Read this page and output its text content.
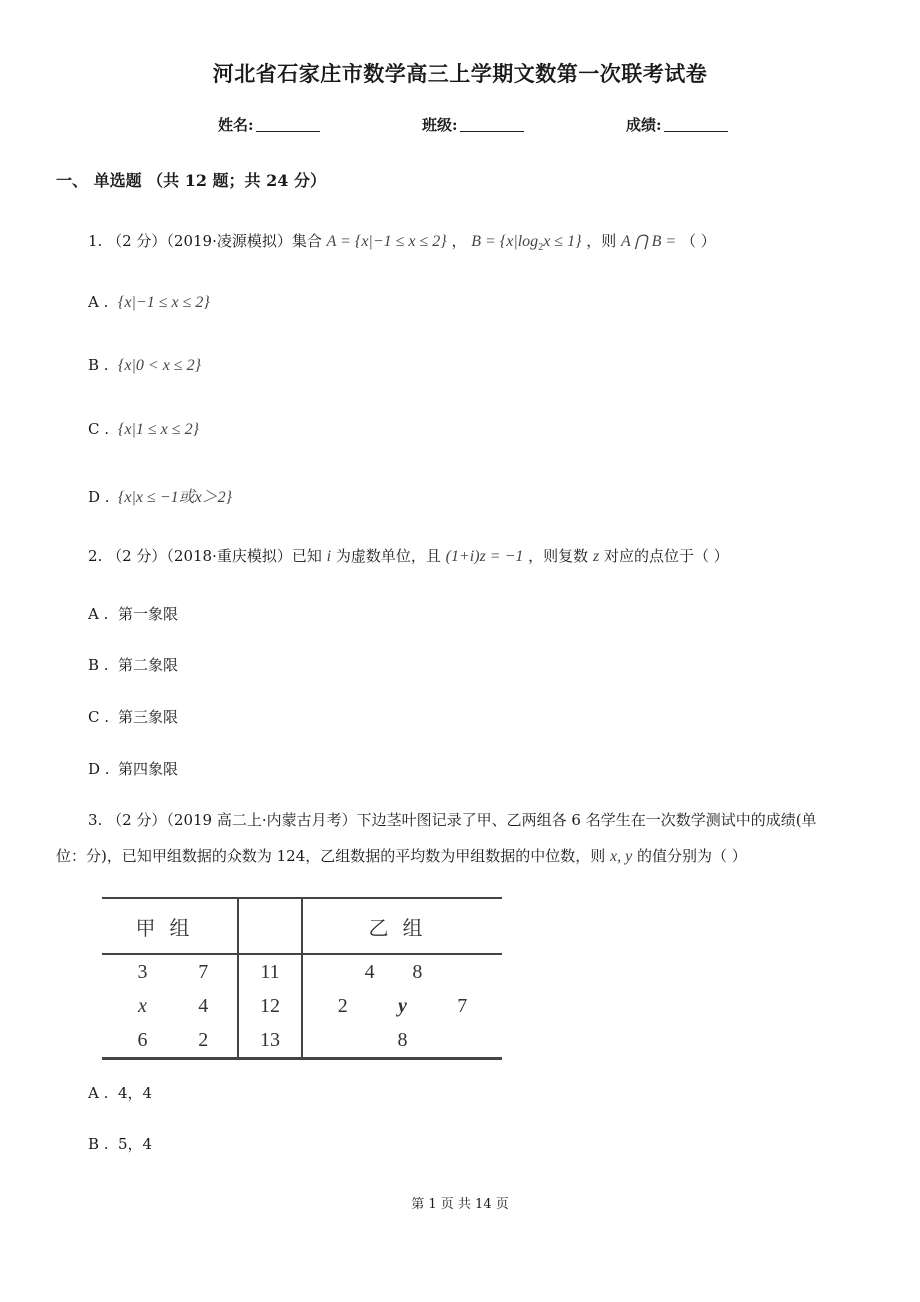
河北省石家庄市数学高三上学期文数第一次联考试卷
姓名:	班级:	成绩:
一、 单选题 （共 12 题；共 24 分）
1. （2 分）（2019·凌源模拟）集合 A = {x|−1 ≤ x ≤ 2} ， $B = \{x|\log_2x \le 1\}$ ，则 A ⋂ B = （ ）
A . {x|−1 ≤ x ≤ 2}
B . {x|0 < x ≤ 2}
C . {x|1 ≤ x ≤ 2}
D . {x|x ≤ −1或x＞2}
2. （2 分）（2018·重庆模拟）已知 i 为虚数单位，且 (1+i)z = −1 ，则复数 z 对应的点位于（ ）
A . 第一象限
B . 第二象限
C . 第三象限
D . 第四象限
3. （2 分）（2019 高二上·内蒙古月考）下边茎叶图记录了甲、乙两组各 6 名学生在一次数学测试中的成绩(单
位：分)，已知甲组数据的众数为 124，乙组数据的平均数为甲组数据的中位数，则 x, y 的值分别为（ ）
甲组		乙组
3 7	11	4 8
x 4	12	2 y 7
6 2	13	8
A . 4，4
B . 5，4
第 1 页 共 14 页
